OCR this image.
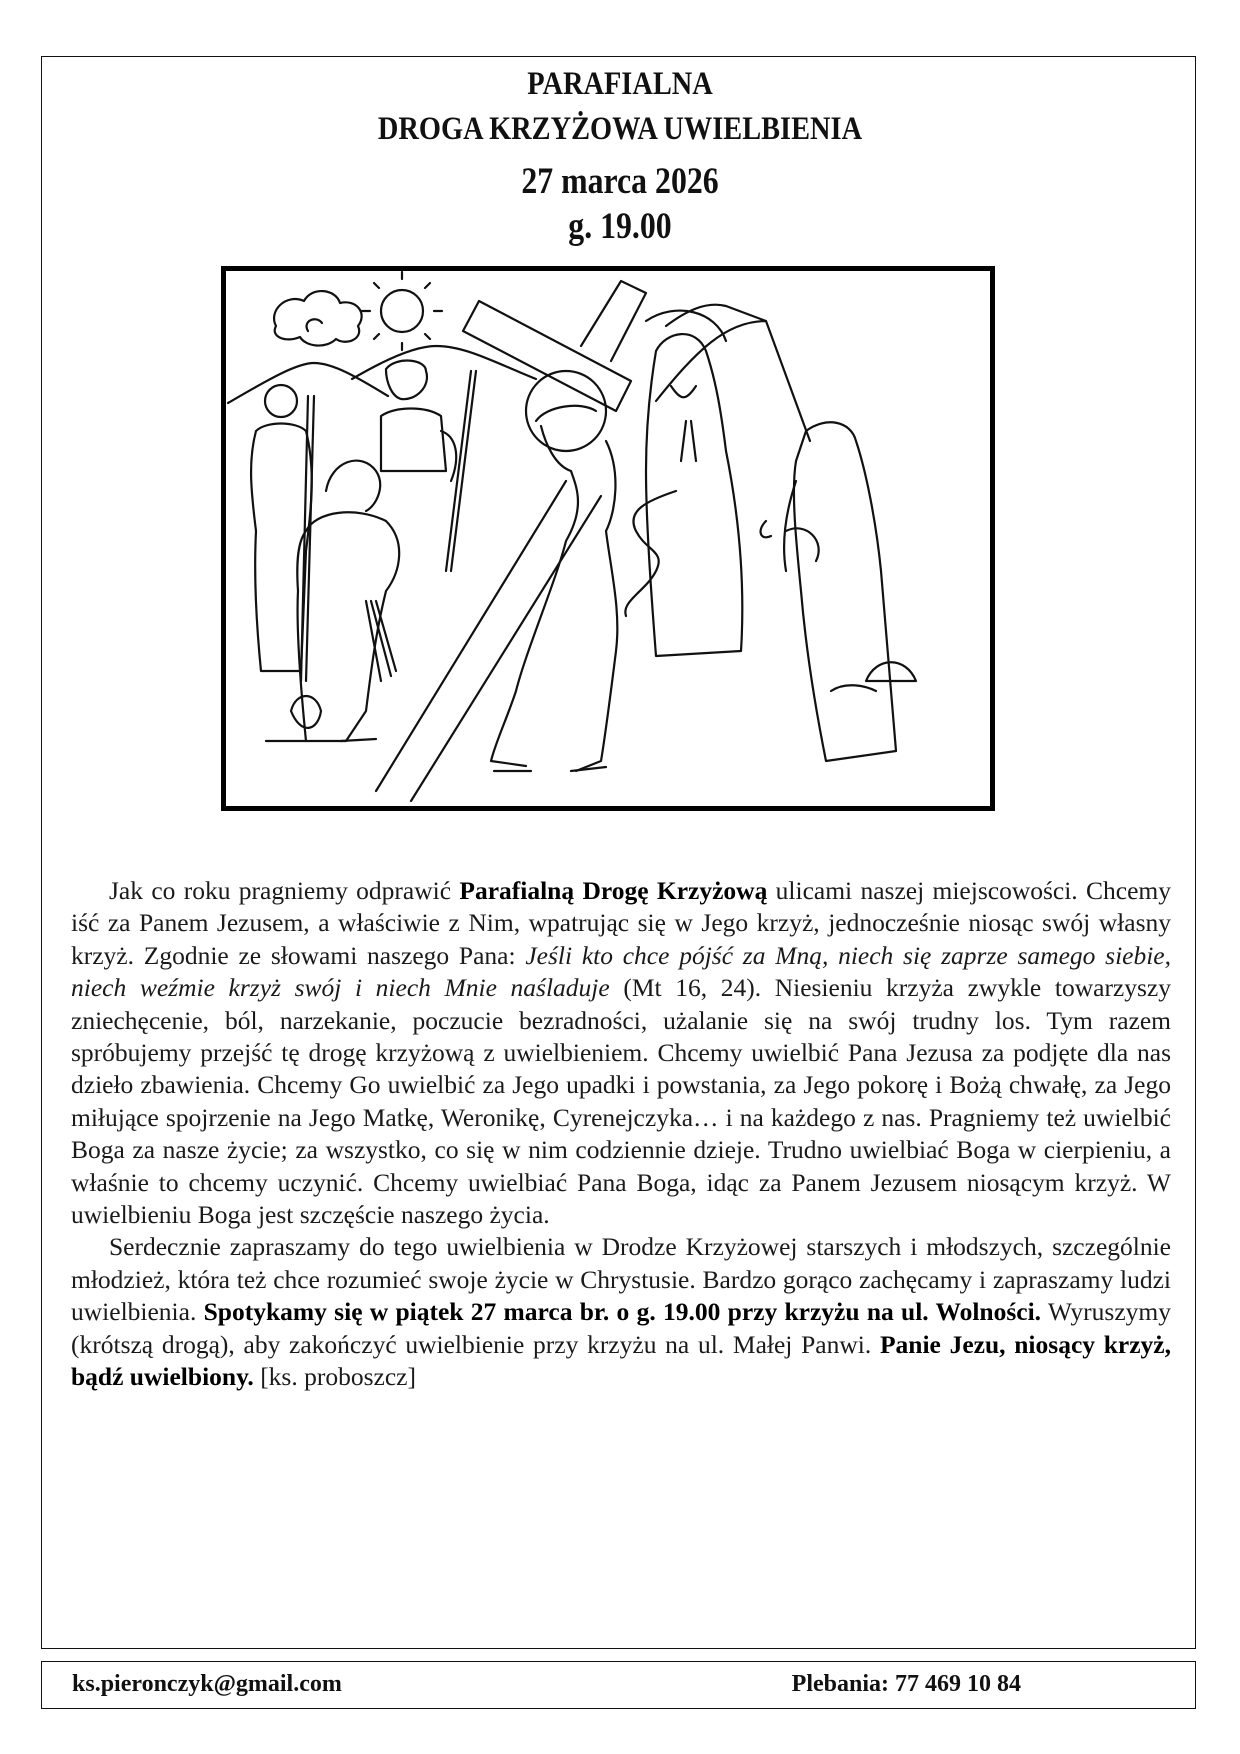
PARAFIALNA
DROGA KRZYŻOWA UWIELBIENIA
27 marca 2026
g. 19.00

Jak co roku pragniemy odprawić Parafialną Drogę Krzyżową ulicami naszej miejscowości. Chcemy iść za Panem Jezusem, a właściwie z Nim, wpatrując się w Jego krzyż, jednocześnie niosąc swój własny krzyż. Zgodnie ze słowami naszego Pana: Jeśli kto chce pójść za Mną, niech się zaprze samego siebie, niech weźmie krzyż swój i niech Mnie naśladuje (Mt 16, 24). Niesieniu krzyża zwykle towarzyszy zniechęcenie, ból, narzekanie, poczucie bezradności, użalanie się na swój trudny los. Tym razem spróbujemy przejść tę drogę krzyżową z uwielbieniem. Chcemy uwielbić Pana Jezusa za podjęte dla nas dzieło zbawienia. Chcemy Go uwielbić za Jego upadki i powstania, za Jego pokorę i Bożą chwałę, za Jego miłujące spojrzenie na Jego Matkę, Weronikę, Cyrenejczyka… i na każdego z nas. Pragniemy też uwielbić Boga za nasze życie; za wszystko, co się w nim codziennie dzieje. Trudno uwielbiać Boga w cierpieniu, a właśnie to chcemy uczynić. Chcemy uwielbiać Pana Boga, idąc za Panem Jezusem niosącym krzyż. W uwielbieniu Boga jest szczęście naszego życia.

Serdecznie zapraszamy do tego uwielbienia w Drodze Krzyżowej starszych i młodszych, szczególnie młodzież, która też chce rozumieć swoje życie w Chrystusie. Bardzo gorąco zachęcamy i zapraszamy ludzi uwielbienia. Spotykamy się w piątek 27 marca br. o g. 19.00 przy krzyżu na ul. Wolności. Wyruszymy (krótszą drogą), aby zakończyć uwielbienie przy krzyżu na ul. Małej Panwi. Panie Jezu, niosący krzyż, bądź uwielbiony. [ks. proboszcz]

ks.pieronczyk@gmail.com	Plebania: 77 469 10 84
